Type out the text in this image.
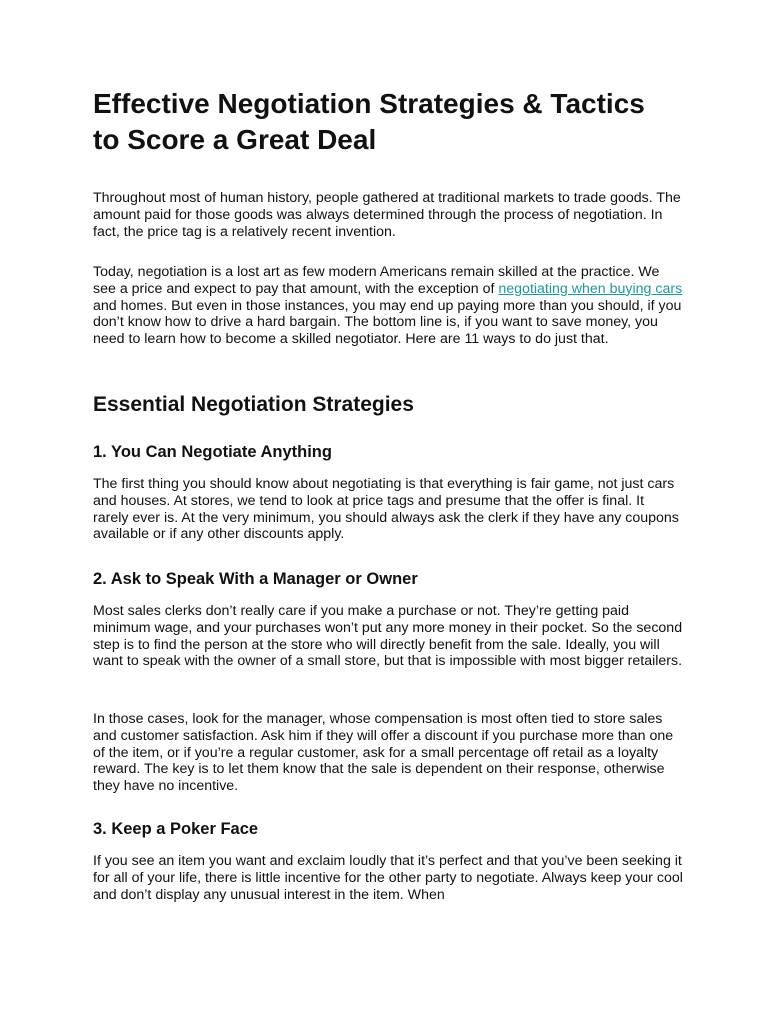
Effective Negotiation Strategies & Tactics to Score a Great Deal

Throughout most of human history, people gathered at traditional markets to trade goods. The amount paid for those goods was always determined through the process of negotiation. In fact, the price tag is a relatively recent invention.

Today, negotiation is a lost art as few modern Americans remain skilled at the practice. We see a price and expect to pay that amount, with the exception of negotiating when buying cars and homes. But even in those instances, you may end up paying more than you should, if you don’t know how to drive a hard bargain. The bottom line is, if you want to save money, you need to learn how to become a skilled negotiator. Here are 11 ways to do just that.

Essential Negotiation Strategies
1. You Can Negotiate Anything

The first thing you should know about negotiating is that everything is fair game, not just cars and houses. At stores, we tend to look at price tags and presume that the offer is final. It rarely ever is. At the very minimum, you should always ask the clerk if they have any coupons available or if any other discounts apply.

2. Ask to Speak With a Manager or Owner

Most sales clerks don’t really care if you make a purchase or not. They’re getting paid minimum wage, and your purchases won’t put any more money in their pocket. So the second step is to find the person at the store who will directly benefit from the sale. Ideally, you will want to speak with the owner of a small store, but that is impossible with most bigger retailers.

In those cases, look for the manager, whose compensation is most often tied to store sales and customer satisfaction. Ask him if they will offer a discount if you purchase more than one of the item, or if you’re a regular customer, ask for a small percentage off retail as a loyalty reward. The key is to let them know that the sale is dependent on their response, otherwise they have no incentive.

3. Keep a Poker Face

If you see an item you want and exclaim loudly that it’s perfect and that you’ve been seeking it for all of your life, there is little incentive for the other party to negotiate. Always keep your cool and don’t display any unusual interest in the item. When
